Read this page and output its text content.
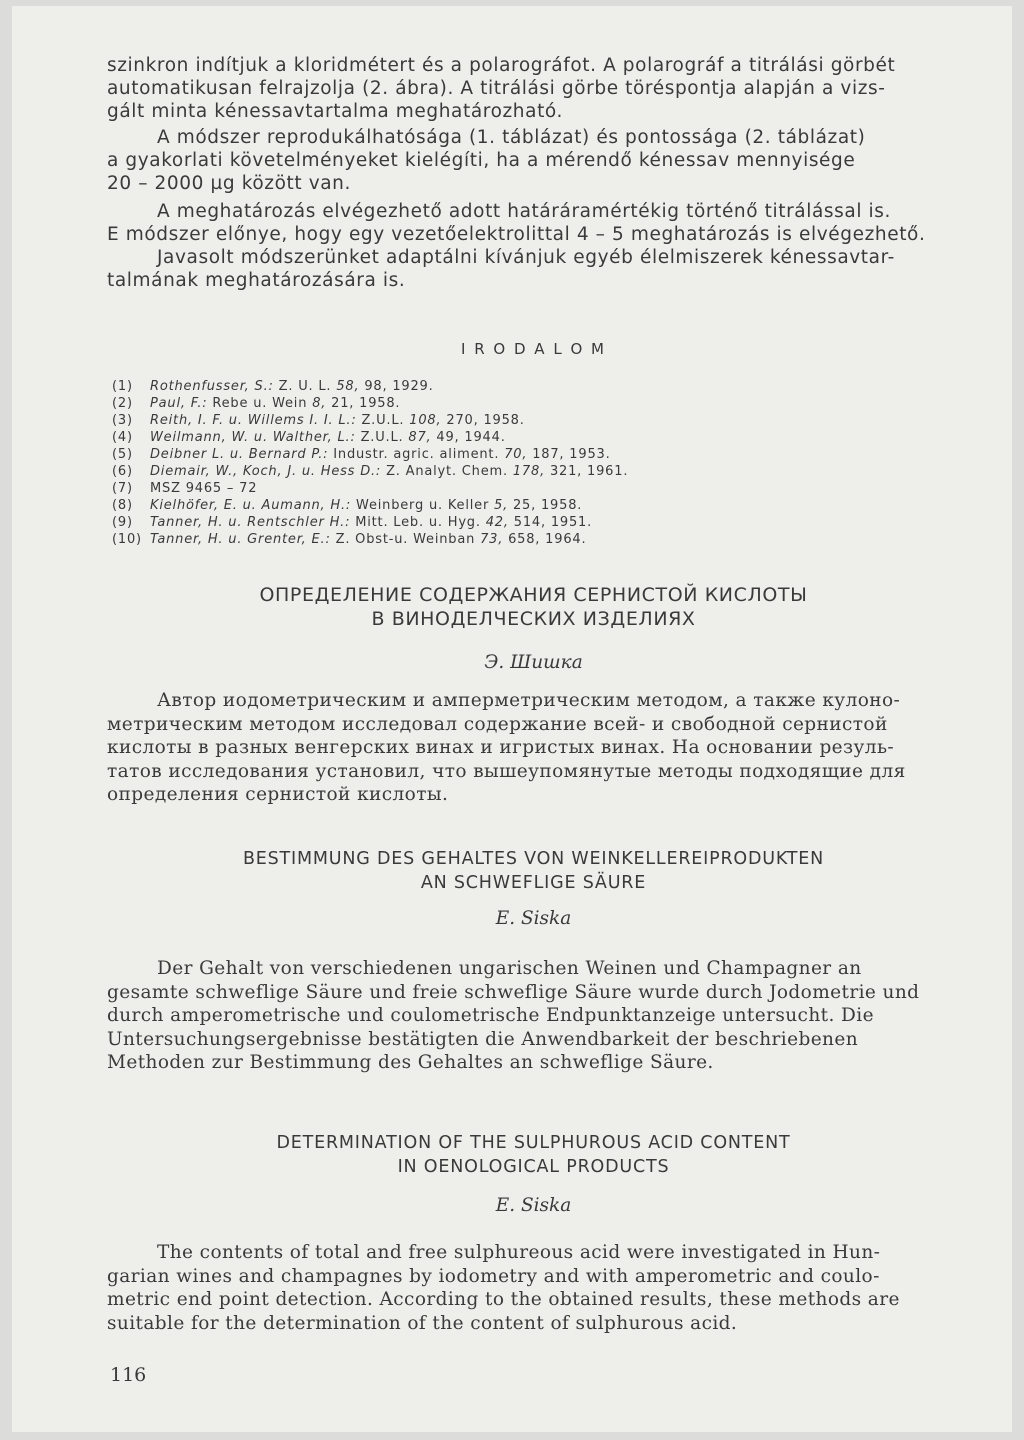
szinkron indítjuk a kloridmétert és a polarográfot. A polarográf a titrálási görbét
automatikusan felrajzolja (2. ábra). A titrálási görbe töréspontja alapján a vizs-
gált minta kénessavtartalma meghatározható.
A módszer reprodukálhatósága (1. táblázat) és pontossága (2. táblázat)
a gyakorlati követelményeket kielégíti, ha a mérendő kénessav mennyisége
20 – 2000 µg között van.
A meghatározás elvégezhető adott határáramértékig történő titrálással is.
E módszer előnye, hogy egy vezetőelektrolittal 4 – 5 meghatározás is elvégezhető.
Javasolt módszerünket adaptálni kívánjuk egyéb élelmiszerek kénessavtar-
talmának meghatározására is.
I R O D A L O M
(1) Rothenfusser, S.: Z. U. L. 58, 98, 1929.
(2) Paul, F.: Rebe u. Wein 8, 21, 1958.
(3) Reith, I. F. u. Willems I. I. L.: Z.U.L. 108, 270, 1958.
(4) Weilmann, W. u. Walther, L.: Z.U.L. 87, 49, 1944.
(5) Deibner L. u. Bernard P.: Industr. agric. aliment. 70, 187, 1953.
(6) Diemair, W., Koch, J. u. Hess D.: Z. Analyt. Chem. 178, 321, 1961.
(7) MSZ 9465 – 72
(8) Kielhöfer, E. u. Aumann, H.: Weinberg u. Keller 5, 25, 1958.
(9) Tanner, H. u. Rentschler H.: Mitt. Leb. u. Hyg. 42, 514, 1951.
(10) Tanner, H. u. Grenter, E.: Z. Obst-u. Weinban 73, 658, 1964.
ОПРЕДЕЛЕНИЕ СОДЕРЖАНИЯ СЕРНИСТОЙ КИСЛОТЫ
В ВИНОДЕЛЧЕСКИХ ИЗДЕЛИЯХ
Э. Шишка
Автор иодометрическим и амперметрическим методом, а также кулоно-
метрическим методом исследовал содержание всей- и свободной сернистой
кислоты в разных венгерских винах и игристых винах. На основании резуль-
татов исследования установил, что вышеупомянутые методы подходящие для
определения сернистой кислоты.
BESTIMMUNG DES GEHALTES VON WEINKELLEREIPRODUKTEN
AN SCHWEFLIGE SÄURE
E. Siska
Der Gehalt von verschiedenen ungarischen Weinen und Champagner an
gesamte schweflige Säure und freie schweflige Säure wurde durch Jodometrie und
durch amperometrische und coulometrische Endpunktanzeige untersucht. Die
Untersuchungsergebnisse bestätigten die Anwendbarkeit der beschriebenen
Methoden zur Bestimmung des Gehaltes an schweflige Säure.
DETERMINATION OF THE SULPHUROUS ACID CONTENT
IN OENOLOGICAL PRODUCTS
E. Siska
The contents of total and free sulphureous acid were investigated in Hun-
garian wines and champagnes by iodometry and with amperometric and coulo-
metric end point detection. According to the obtained results, these methods are
suitable for the determination of the content of sulphurous acid.
116
